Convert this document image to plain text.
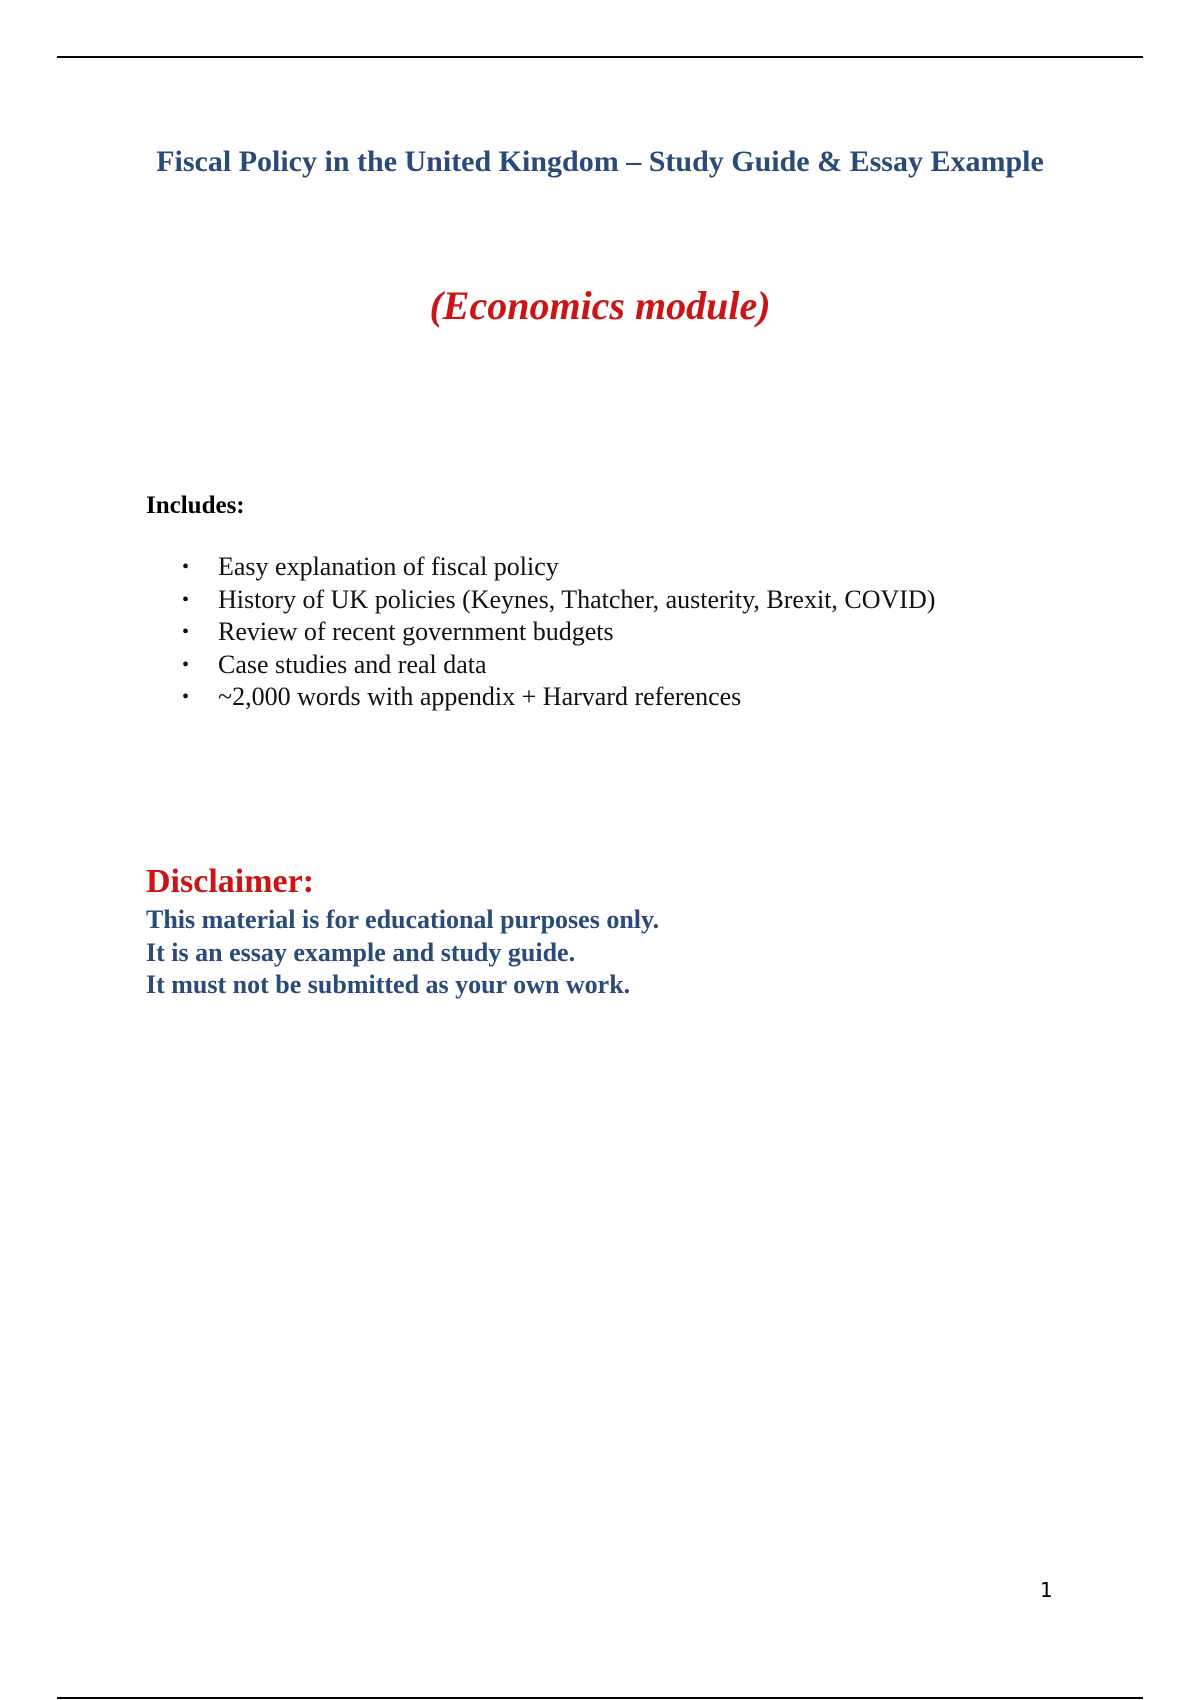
Fiscal Policy in the United Kingdom – Study Guide & Essay Example
(Economics module)
Includes:
• Easy explanation of fiscal policy
• History of UK policies (Keynes, Thatcher, austerity, Brexit, COVID)
• Review of recent government budgets
• Case studies and real data
• ~2,000 words with appendix + Harvard references
Disclaimer:
This material is for educational purposes only.
It is an essay example and study guide.
It must not be submitted as your own work.
1
